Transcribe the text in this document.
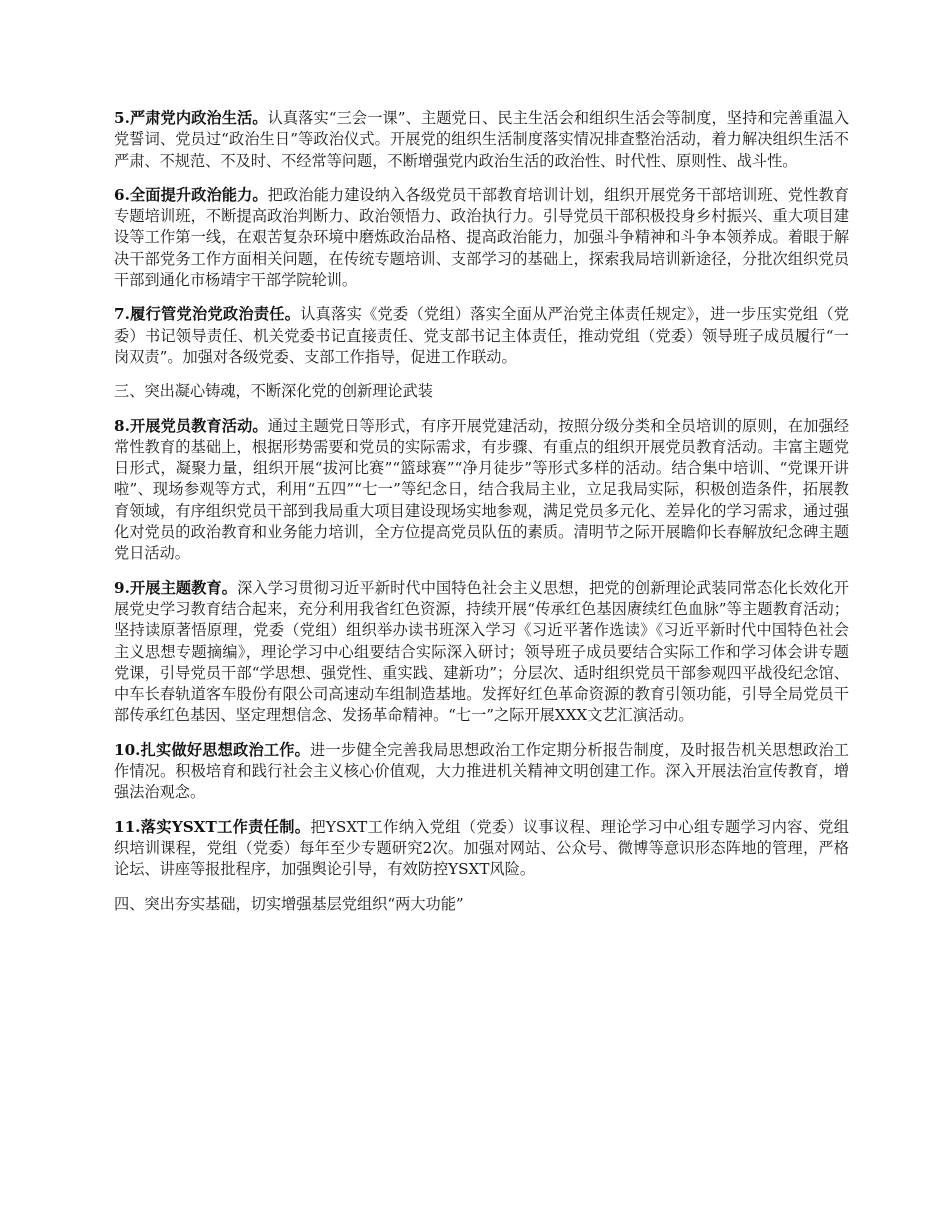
5.严肃党内政治生活。认真落实“三会一课”、主题党日、民主生活会和组织生活会等制度，坚持和完善重温入党誓词、党员过“政治生日”等政治仪式。开展党的组织生活制度落实情况排查整治活动，着力解决组织生活不严肃、不规范、不及时、不经常等问题，不断增强党内政治生活的政治性、时代性、原则性、战斗性。

6.全面提升政治能力。把政治能力建设纳入各级党员干部教育培训计划，组织开展党务干部培训班、党性教育专题培训班，不断提高政治判断力、政治领悟力、政治执行力。引导党员干部积极投身乡村振兴、重大项目建设等工作第一线，在艰苦复杂环境中磨炼政治品格、提高政治能力，加强斗争精神和斗争本领养成。着眼于解决干部党务工作方面相关问题，在传统专题培训、支部学习的基础上，探索我局培训新途径，分批次组织党员干部到通化市杨靖宇干部学院轮训。

7.履行管党治党政治责任。认真落实《党委（党组）落实全面从严治党主体责任规定》，进一步压实党组（党委）书记领导责任、机关党委书记直接责任、党支部书记主体责任，推动党组（党委）领导班子成员履行“一岗双责”。加强对各级党委、支部工作指导，促进工作联动。

三、突出凝心铸魂，不断深化党的创新理论武装

8.开展党员教育活动。通过主题党日等形式，有序开展党建活动，按照分级分类和全员培训的原则，在加强经常性教育的基础上，根据形势需要和党员的实际需求，有步骤、有重点的组织开展党员教育活动。丰富主题党日形式，凝聚力量，组织开展“拔河比赛”“篮球赛”“净月徒步”等形式多样的活动。结合集中培训、“党课开讲啦”、现场参观等方式，利用“五四”“七一”等纪念日，结合我局主业，立足我局实际，积极创造条件，拓展教育领域，有序组织党员干部到我局重大项目建设现场实地参观，满足党员多元化、差异化的学习需求，通过强化对党员的政治教育和业务能力培训，全方位提高党员队伍的素质。清明节之际开展瞻仰长春解放纪念碑主题党日活动。

9.开展主题教育。深入学习贯彻习近平新时代中国特色社会主义思想，把党的创新理论武装同常态化长效化开展党史学习教育结合起来，充分利用我省红色资源，持续开展“传承红色基因赓续红色血脉”等主题教育活动；坚持读原著悟原理，党委（党组）组织举办读书班深入学习《习近平著作选读》《习近平新时代中国特色社会主义思想专题摘编》，理论学习中心组要结合实际深入研讨；领导班子成员要结合实际工作和学习体会讲专题党课，引导党员干部“学思想、强党性、重实践、建新功”；分层次、适时组织党员干部参观四平战役纪念馆、中车长春轨道客车股份有限公司高速动车组制造基地。发挥好红色革命资源的教育引领功能，引导全局党员干部传承红色基因、坚定理想信念、发扬革命精神。“七一”之际开展XXX文艺汇演活动。

10.扎实做好思想政治工作。进一步健全完善我局思想政治工作定期分析报告制度，及时报告机关思想政治工作情况。积极培育和践行社会主义核心价值观，大力推进机关精神文明创建工作。深入开展法治宣传教育，增强法治观念。

11.落实YSXT工作责任制。把YSXT工作纳入党组（党委）议事议程、理论学习中心组专题学习内容、党组织培训课程，党组（党委）每年至少专题研究2次。加强对网站、公众号、微博等意识形态阵地的管理，严格论坛、讲座等报批程序，加强舆论引导，有效防控YSXT风险。

四、突出夯实基础，切实增强基层党组织“两大功能”
